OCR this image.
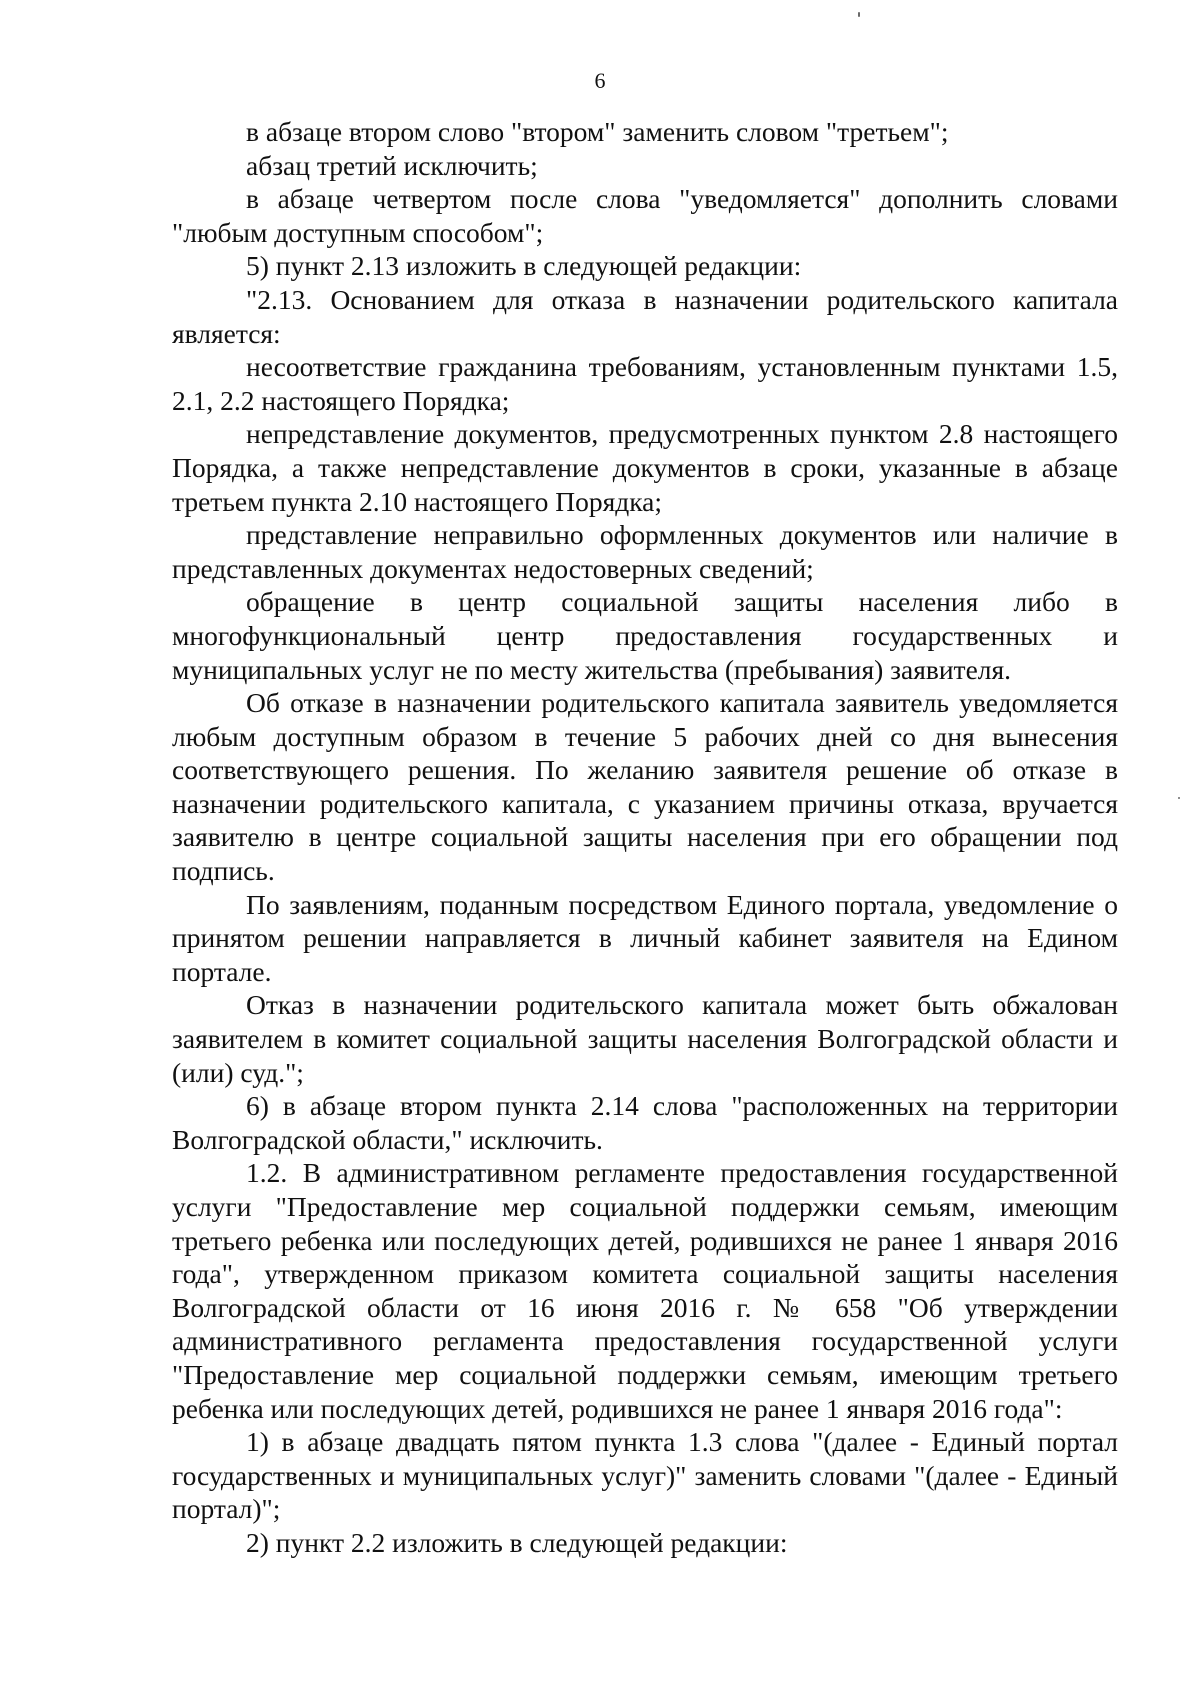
6

в абзаце втором слово "втором" заменить словом "третьем";

абзац третий исключить;

в абзаце четвертом после слова "уведомляется" дополнить словами "любым доступным способом";

5) пункт 2.13 изложить в следующей редакции:

"2.13. Основанием для отказа в назначении родительского капитала является:

несоответствие гражданина требованиям, установленным пунктами 1.5, 2.1, 2.2 настоящего Порядка;

непредставление документов, предусмотренных пунктом 2.8 настоящего Порядка, а также непредставление документов в сроки, указанные в абзаце третьем пункта 2.10 настоящего Порядка;

представление неправильно оформленных документов или наличие в представленных документах недостоверных сведений;

обращение в центр социальной защиты населения либо в многофункциональный центр предоставления государственных и муниципальных услуг не по месту жительства (пребывания) заявителя.

Об отказе в назначении родительского капитала заявитель уведомляется любым доступным образом в течение 5 рабочих дней со дня вынесения соответствующего решения. По желанию заявителя решение об отказе в назначении родительского капитала, с указанием причины отказа, вручается заявителю в центре социальной защиты населения при его обращении под подпись.

По заявлениям, поданным посредством Единого портала, уведомление о принятом решении направляется в личный кабинет заявителя на Едином портале.

Отказ в назначении родительского капитала может быть обжалован заявителем в комитет социальной защиты населения Волгоградской области и (или) суд.";

6) в абзаце втором пункта 2.14 слова "расположенных на территории Волгоградской области," исключить.

1.2. В административном регламенте предоставления государственной услуги "Предоставление мер социальной поддержки семьям, имеющим третьего ребенка или последующих детей, родившихся не ранее 1 января 2016 года", утвержденном приказом комитета социальной защиты населения Волгоградской области от 16 июня 2016 г. № 658 "Об утверждении административного регламента предоставления государственной услуги "Предоставление мер социальной поддержки семьям, имеющим третьего ребенка или последующих детей, родившихся не ранее 1 января 2016 года":

1) в абзаце двадцать пятом пункта 1.3 слова "(далее - Единый портал государственных и муниципальных услуг)" заменить словами "(далее - Единый портал)";

2) пункт 2.2 изложить в следующей редакции:
